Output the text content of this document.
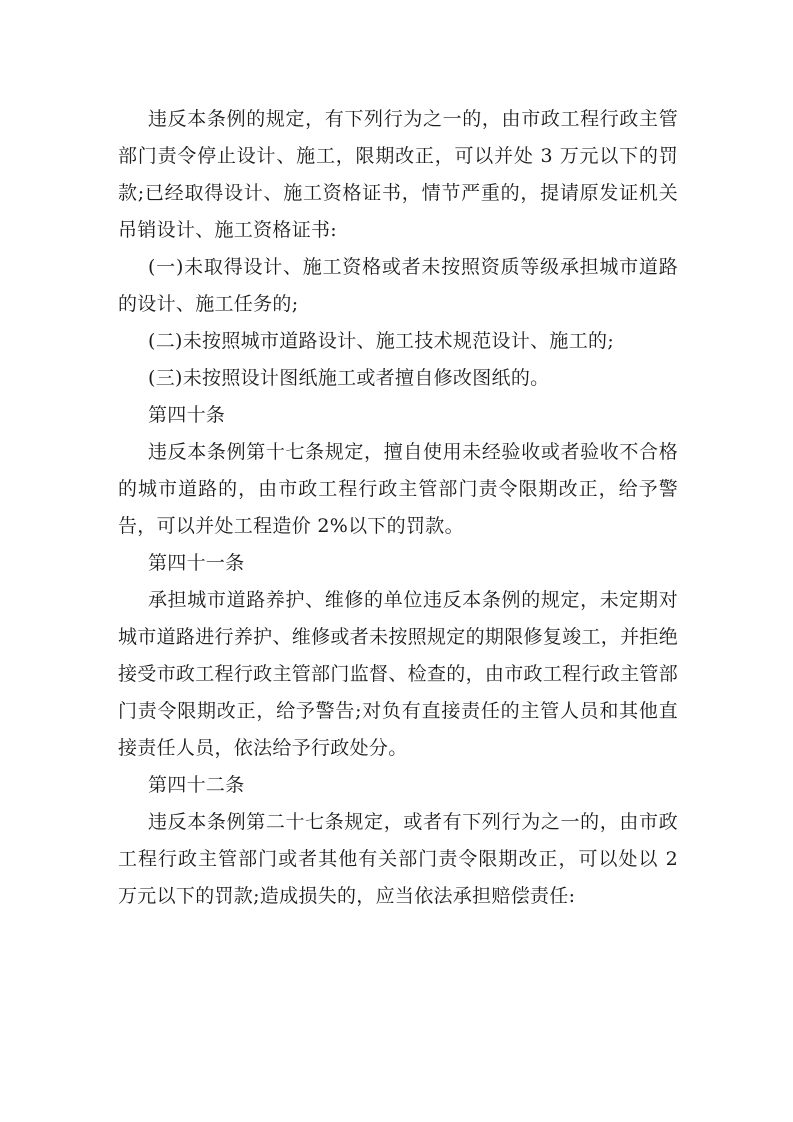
违反本条例的规定，有下列行为之一的，由市政工程行政主管部门责令停止设计、施工，限期改正，可以并处 3 万元以下的罚款;已经取得设计、施工资格证书，情节严重的，提请原发证机关吊销设计、施工资格证书:

(一)未取得设计、施工资格或者未按照资质等级承担城市道路的设计、施工任务的;

(二)未按照城市道路设计、施工技术规范设计、施工的;

(三)未按照设计图纸施工或者擅自修改图纸的。

第四十条

违反本条例第十七条规定，擅自使用未经验收或者验收不合格的城市道路的，由市政工程行政主管部门责令限期改正，给予警告，可以并处工程造价 2%以下的罚款。

第四十一条

承担城市道路养护、维修的单位违反本条例的规定，未定期对城市道路进行养护、维修或者未按照规定的期限修复竣工，并拒绝接受市政工程行政主管部门监督、检查的，由市政工程行政主管部门责令限期改正，给予警告;对负有直接责任的主管人员和其他直接责任人员，依法给予行政处分。

第四十二条

违反本条例第二十七条规定，或者有下列行为之一的，由市政工程行政主管部门或者其他有关部门责令限期改正，可以处以 2 万元以下的罚款;造成损失的，应当依法承担赔偿责任:
